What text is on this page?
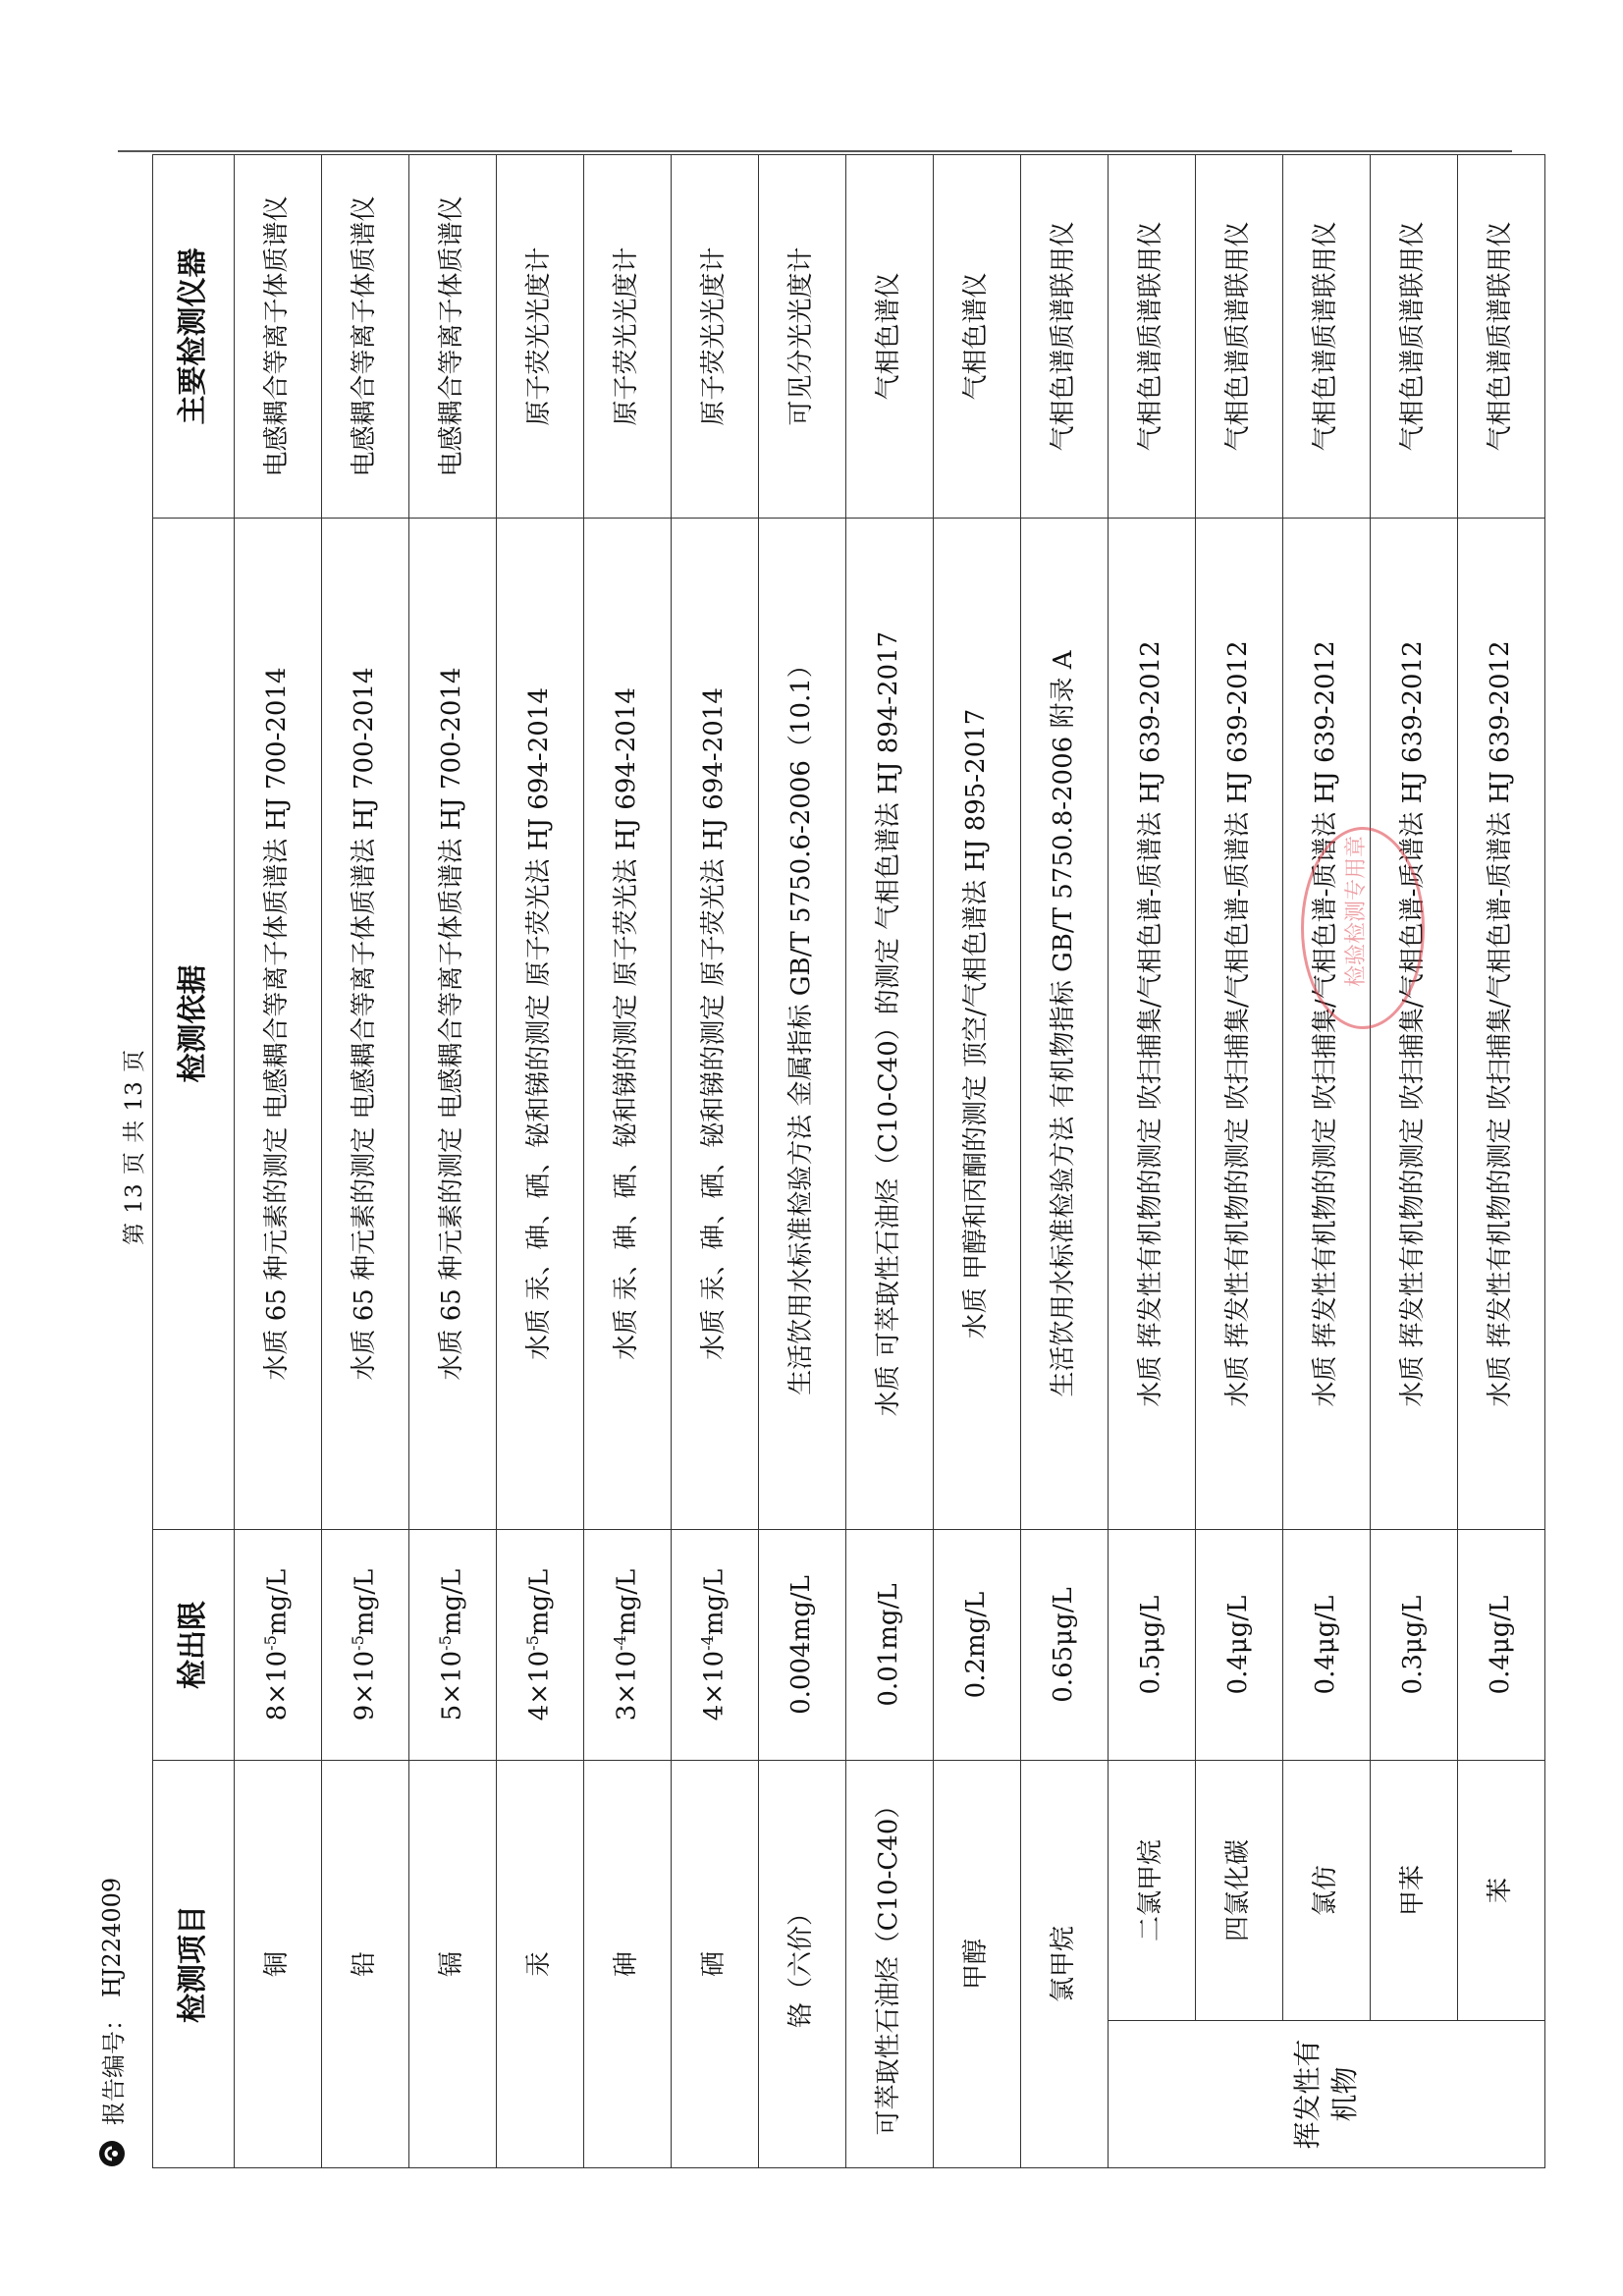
报告编号：
HJ224009
第 13 页 共 13 页
检测项目		检出限	检测依据	主要检测仪器
铜		$8\times 10^{-5}mg/L$	水质 65 种元素的测定 电感耦合等离子体质谱法 HJ 700-2014	电感耦合等离子体质谱仪
铅		$9\times 10^{-5}mg/L$	水质 65 种元素的测定 电感耦合等离子体质谱法 HJ 700-2014	电感耦合等离子体质谱仪
镉		$5\times 10^{-5}mg/L$	水质 65 种元素的测定 电感耦合等离子体质谱法 HJ 700-2014	电感耦合等离子体质谱仪
汞		$4\times 10^{-5}mg/L$	水质 汞、砷、硒、铋和锑的测定 原子荧光法 HJ 694-2014	原子荧光光度计
砷		$3\times 10^{-4}mg/L$	水质 汞、砷、硒、铋和锑的测定 原子荧光法 HJ 694-2014	原子荧光光度计
硒		$4\times 10^{-4}mg/L$	水质 汞、砷、硒、铋和锑的测定 原子荧光法 HJ 694-2014	原子荧光光度计
铬（六价）		0.004mg/L	生活饮用水标准检验方法 金属指标 GB/T 5750.6-2006（10.1）	可见分光光度计
可萃取性石油烃（C10-C40）		0.01mg/L	水质 可萃取性石油烃（C10-C40）的测定 气相色谱法 HJ 894-2017	气相色谱仪
甲醇		0.2mg/L	水质 甲醇和丙酮的测定 顶空/气相色谱法 HJ 895-2017	气相色谱仪
氯甲烷		0.65μg/L	生活饮用水标准检验方法 有机物指标 GB/T 5750.8-2006 附录 A	气相色谱质谱联用仪
挥发性有机物	二氯甲烷	0.5μg/L	水质 挥发性有机物的测定 吹扫捕集/气相色谱-质谱法 HJ 639-2012	气相色谱质谱联用仪
	四氯化碳	0.4μg/L	水质 挥发性有机物的测定 吹扫捕集/气相色谱-质谱法 HJ 639-2012	气相色谱质谱联用仪
	氯仿	0.4μg/L	水质 挥发性有机物的测定 吹扫捕集/气相色谱-质谱法 HJ 639-2012	气相色谱质谱联用仪
	甲苯	0.3μg/L	水质 挥发性有机物的测定 吹扫捕集/气相色谱-质谱法 HJ 639-2012	气相色谱质谱联用仪
	苯	0.4μg/L	水质 挥发性有机物的测定 吹扫捕集/气相色谱-质谱法 HJ 639-2012	气相色谱质谱联用仪
检验检测专用章
